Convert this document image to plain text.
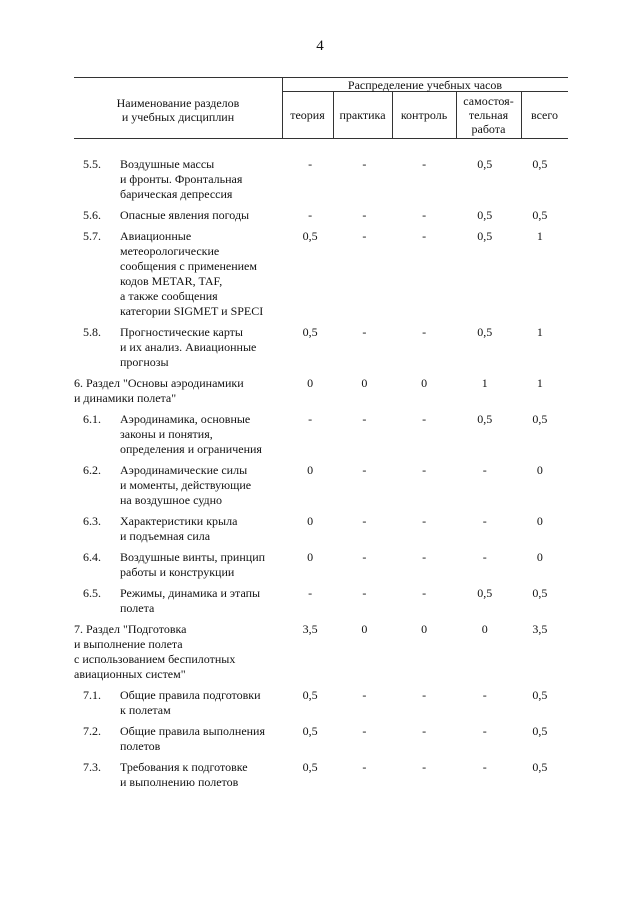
4
Наименование разделов
и учебных дисциплин
Распределение учебных часов
теория	практика	контроль
самостоя-
тельная
работа
всего
5.5.	Воздушные массы
и фронты. Фронтальная
барическая депрессия
-	-	-	0,5	0,5
5.6.	Опасные явления погоды	-	-	-	0,5	0,5
5.7.	Авиационные
метеорологические
сообщения с применением
кодов METAR, TAF,
а также сообщения
категории SIGMET и SPECI
0,5	-	-	0,5	1
5.8.	Прогностические карты
и их анализ. Авиационные
прогнозы
0,5	-	-	0,5	1
6. Раздел "Основы аэродинамики
и динамики полета"
0	0	0	1	1
6.1.	Аэродинамика, основные
законы и понятия,
определения и ограничения
-	-	-	0,5	0,5
6.2.	Аэродинамические силы
и моменты, действующие
на воздушное судно
0	-	-	-	0
6.3.	Характеристики крыла
и подъемная сила
0	-	-	-	0
6.4.	Воздушные винты, принцип
работы и конструкции
0	-	-	-	0
6.5.	Режимы, динамика и этапы
полета
-	-	-	0,5	0,5
7. Раздел "Подготовка
и выполнение полета
с использованием беспилотных
авиационных систем"
3,5	0	0	0	3,5
7.1.	Общие правила подготовки
к полетам
0,5	-	-	-	0,5
7.2.	Общие правила выполнения
полетов
0,5	-	-	-	0,5
7.3.	Требования к подготовке
и выполнению полетов
0,5	-	-	-	0,5
